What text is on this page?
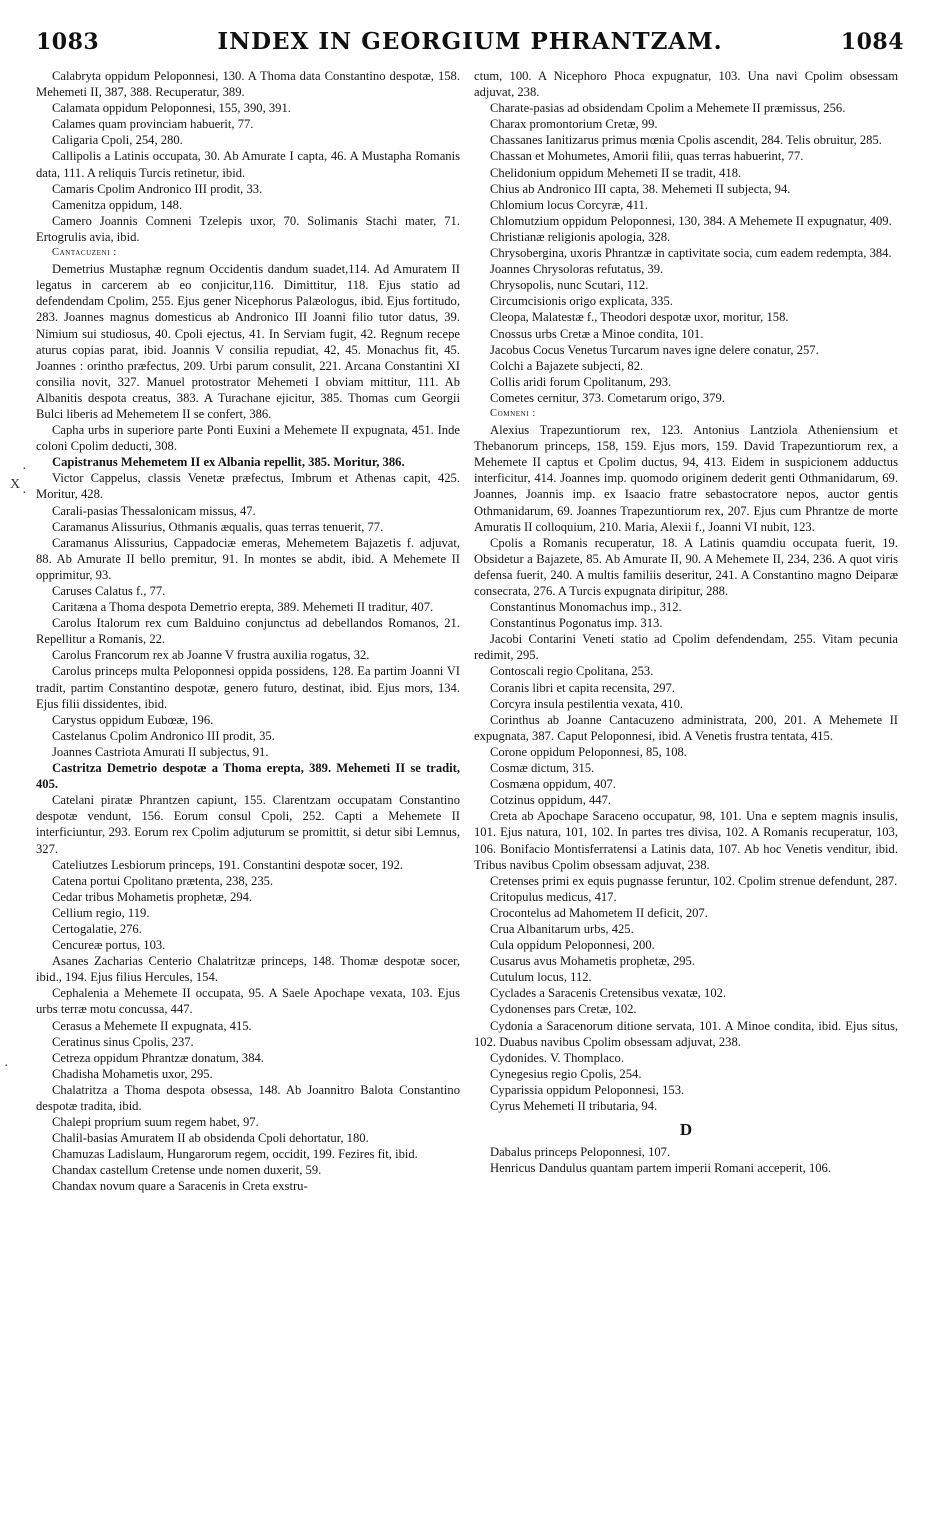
1083	INDEX IN GEORGIUM PHRANTZAM.	1084
·
·
X
·

Calabryta oppidum Peloponnesi, 130. A Thoma data Constantino despotæ, 158. Mehemeti II, 387, 388. Recuperatur, 389.

Calamata oppidum Peloponnesi, 155, 390, 391.

Calames quam provinciam habuerit, 77.

Caligaria Cpoli, 254, 280.

Callipolis a Latinis occupata, 30. Ab Amurate I capta, 46. A Mustapha Romanis data, 111. A reliquis Turcis retinetur, ibid.

Camaris Cpolim Andronico III prodit, 33.

Camenitza oppidum, 148.

Camero Joannis Comneni Tzelepis uxor, 70. Solimanis Stachi mater, 71. Ertogrulis avia, ibid.

Cantacuzeni :

Demetrius Mustaphæ regnum Occidentis dandum suadet,114. Ad Amuratem II legatus in carcerem ab eo conjicitur,116. Dimittitur, 118. Ejus statio ad defendendam Cpolim, 255. Ejus gener Nicephorus Palæologus, ibid. Ejus fortitudo, 283. Joannes magnus domesticus ab Andronico III Joanni filio tutor datus, 39. Nimium sui studiosus, 40. Cpoli ejectus, 41. In Serviam fugit, 42. Regnum recepe aturus copias parat, ibid. Joannis V consilia repudiat, 42, 45. Monachus fit, 45. Joannes : orintho præfectus, 209. Urbi parum consulit, 221. Arcana Constantini XI consilia novit, 327. Manuel protostrator Mehemeti I obviam mittitur, 111. Ab Albanitis despota creatus, 383. A Turachane ejicitur, 385. Thomas cum Georgii Bulci liberis ad Mehemetem II se confert, 386.

Capha urbs in superiore parte Ponti Euxini a Mehemete II expugnata, 451. Inde coloni Cpolim deducti, 308.

Capistranus Mehemetem II ex Albania repellit, 385. Moritur, 386.

Victor Cappelus, classis Venetæ præfectus, Imbrum et Athenas capit, 425. Moritur, 428.

Carali-pasias Thessalonicam missus, 47.

Caramanus Alissurius, Othmanis æqualis, quas terras tenuerit, 77.

Caramanus Alissurius, Cappadociæ emeras, Mehemetem Bajazetis f. adjuvat, 88. Ab Amurate II bello premitur, 91. In montes se abdit, ibid. A Mehemete II opprimitur, 93.

Caruses Calatus f., 77.

Caritæna a Thoma despota Demetrio erepta, 389. Mehemeti II traditur, 407.

Carolus Italorum rex cum Balduino conjunctus ad debellandos Romanos, 21. Repellitur a Romanis, 22.

Carolus Francorum rex ab Joanne V frustra auxilia rogatus, 32.

Carolus princeps multa Peloponnesi oppida possidens, 128. Ea partim Joanni VI tradit, partim Constantino despotæ, genero futuro, destinat, ibid. Ejus mors, 134. Ejus filii dissidentes, ibid.

Carystus oppidum Eubœæ, 196.

Castelanus Cpolim Andronico III prodit, 35.

Joannes Castriota Amurati II subjectus, 91.

Castritza Demetrio despotæ a Thoma erepta, 389. Mehemeti II se tradit, 405.

Catelani piratæ Phrantzen capiunt, 155. Clarentzam occupatam Constantino despotæ vendunt, 156. Eorum consul Cpoli, 252. Capti a Mehemete II interficiuntur, 293. Eorum rex Cpolim adjuturum se promittit, si detur sibi Lemnus, 327.

Cateliutzes Lesbiorum princeps, 191. Constantini despotæ socer, 192.

Catena portui Cpolitano prætenta, 238, 235.

Cedar tribus Mohametis prophetæ, 294.

Cellium regio, 119.

Certogalatie, 276.

Cencureæ portus, 103.

Asanes Zacharias Centerio Chalatritzæ princeps, 148. Thomæ despotæ socer, ibid., 194. Ejus filius Hercules, 154.

Cephalenia a Mehemete II occupata, 95. A Saele Apochape vexata, 103. Ejus urbs terræ motu concussa, 447.

Cerasus a Mehemete II expugnata, 415.

Ceratinus sinus Cpolis, 237.

Cetreza oppidum Phrantzæ donatum, 384.

Chadisha Mohametis uxor, 295.

Chalatritza a Thoma despota obsessa, 148. Ab Joannitro Balota Constantino despotæ tradita, ibid.

Chalepi proprium suum regem habet, 97.

Chalil-basias Amuratem II ab obsidenda Cpoli dehortatur, 180.

Chamuzas Ladislaum, Hungarorum regem, occidit, 199. Fezires fit, ibid.

Chandax castellum Cretense unde nomen duxerit, 59.

Chandax novum quare a Saracenis in Creta exstru-

ctum, 100. A Nicephoro Phoca expugnatur, 103. Una navi Cpolim obsessam adjuvat, 238.

Charate-pasias ad obsidendam Cpolim a Mehemete II præmissus, 256.

Charax promontorium Cretæ, 99.

Chassanes Ianitizarus primus mœnia Cpolis ascendit, 284. Telis obruitur, 285.

Chassan et Mohumetes, Amorii filii, quas terras habuerint, 77.

Chelidonium oppidum Mehemeti II se tradit, 418.

Chius ab Andronico III capta, 38. Mehemeti II subjecta, 94.

Chlomium locus Corcyræ, 411.

Chlomutzium oppidum Peloponnesi, 130, 384. A Mehemete II expugnatur, 409.

Christianæ religionis apologia, 328.

Chrysobergina, uxoris Phrantzæ in captivitate socia, cum eadem redempta, 384.

Joannes Chrysoloras refutatus, 39.

Chrysopolis, nunc Scutari, 112.

Circumcisionis origo explicata, 335.

Cleopa, Malatestæ f., Theodori despotæ uxor, moritur, 158.

Cnossus urbs Cretæ a Minoe condita, 101.

Jacobus Cocus Venetus Turcarum naves igne delere conatur, 257.

Colchi a Bajazete subjecti, 82.

Collis aridi forum Cpolitanum, 293.

Cometes cernitur, 373. Cometarum origo, 379.

Comneni :

Alexius Trapezuntiorum rex, 123. Antonius Lantziola Atheniensium et Thebanorum princeps, 158, 159. Ejus mors, 159. David Trapezuntiorum rex, a Mehemete II captus et Cpolim ductus, 94, 413. Eidem in suspicionem adductus interficitur, 414. Joannes imp. quomodo originem dederit genti Othmanidarum, 69. Joannes, Joannis imp. ex Isaacio fratre sebastocratore nepos, auctor gentis Othmanidarum, 69. Joannes Trapezuntiorum rex, 207. Ejus cum Phrantze de morte Amuratis II colloquium, 210. Maria, Alexii f., Joanni VI nubit, 123.

Cpolis a Romanis recuperatur, 18. A Latinis quamdiu occupata fuerit, 19. Obsidetur a Bajazete, 85. Ab Amurate II, 90. A Mehemete II, 234, 236. A quot viris defensa fuerit, 240. A multis familiis deseritur, 241. A Constantino magno Deiparæ consecrata, 276. A Turcis expugnata diripitur, 288.

Constantinus Monomachus imp., 312.

Constantinus Pogonatus imp. 313.

Jacobi Contarini Veneti statio ad Cpolim defendendam, 255. Vitam pecunia redimit, 295.

Contoscali regio Cpolitana, 253.

Coranis libri et capita recensita, 297.

Corcyra insula pestilentia vexata, 410.

Corinthus ab Joanne Cantacuzeno administrata, 200, 201. A Mehemete II expugnata, 387. Caput Peloponnesi, ibid. A Venetis frustra tentata, 415.

Corone oppidum Peloponnesi, 85, 108.

Cosmæ dictum, 315.

Cosmæna oppidum, 407.

Cotzinus oppidum, 447.

Creta ab Apochape Saraceno occupatur, 98, 101. Una e septem magnis insulis, 101. Ejus natura, 101, 102. In partes tres divisa, 102. A Romanis recuperatur, 103, 106. Bonifacio Montisferratensi a Latinis data, 107. Ab hoc Venetis venditur, ibid. Tribus navibus Cpolim obsessam adjuvat, 238.

Cretenses primi ex equis pugnasse feruntur, 102. Cpolim strenue defendunt, 287.

Critopulus medicus, 417.

Crocontelus ad Mahometem II deficit, 207.

Crua Albanitarum urbs, 425.

Cula oppidum Peloponnesi, 200.

Cusarus avus Mohametis prophetæ, 295.

Cutulum locus, 112.

Cyclades a Saracenis Cretensibus vexatæ, 102.

Cydonenses pars Cretæ, 102.

Cydonia a Saracenorum ditione servata, 101. A Minoe condita, ibid. Ejus situs, 102. Duabus navibus Cpolim obsessam adjuvat, 238.

Cydonides. V. Thomplaco.

Cynegesius regio Cpolis, 254.

Cyparissia oppidum Peloponnesi, 153.

Cyrus Mehemeti II tributaria, 94.

D

Dabalus princeps Peloponnesi, 107.

Henricus Dandulus quantam partem imperii Romani acceperit, 106.
